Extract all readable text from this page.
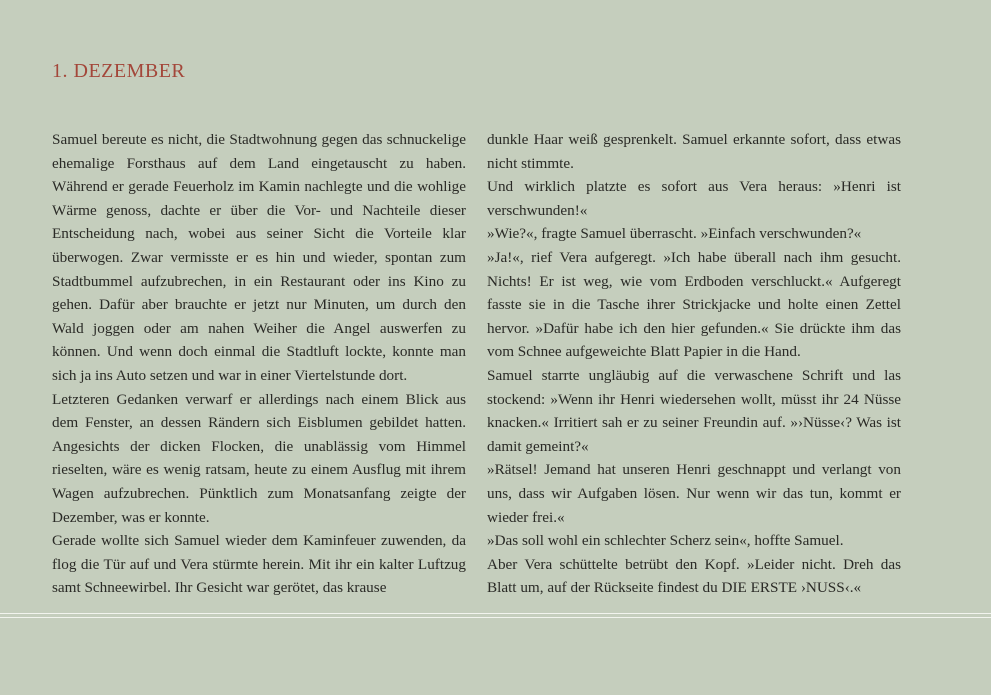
1. DEZEMBER

Samuel bereute es nicht, die Stadtwohnung gegen das schnuckelige ehemalige Forsthaus auf dem Land eingetauscht zu haben. Während er gerade Feuerholz im Kamin nachlegte und die wohlige Wärme genoss, dachte er über die Vor- und Nachteile dieser Entscheidung nach, wobei aus seiner Sicht die Vorteile klar überwogen. Zwar vermisste er es hin und wieder, spontan zum Stadtbummel aufzubrechen, in ein Restaurant oder ins Kino zu gehen. Dafür aber brauchte er jetzt nur Minuten, um durch den Wald joggen oder am nahen Weiher die Angel auswerfen zu können. Und wenn doch einmal die Stadtluft lockte, konnte man sich ja ins Auto setzen und war in einer Viertelstunde dort.

Letzteren Gedanken verwarf er allerdings nach einem Blick aus dem Fenster, an dessen Rändern sich Eisblumen gebildet hatten. Angesichts der dicken Flocken, die unablässig vom Himmel rieselten, wäre es wenig ratsam, heute zu einem Ausflug mit ihrem Wagen aufzubrechen. Pünktlich zum Monatsanfang zeigte der Dezember, was er konnte.

Gerade wollte sich Samuel wieder dem Kaminfeuer zuwenden, da flog die Tür auf und Vera stürmte herein. Mit ihr ein kalter Luftzug samt Schneewirbel. Ihr Gesicht war gerötet, das krause

dunkle Haar weiß gesprenkelt. Samuel erkannte sofort, dass etwas nicht stimmte.

Und wirklich platzte es sofort aus Vera heraus: »Henri ist verschwunden!«

»Wie?«, fragte Samuel überrascht. »Einfach verschwunden?«

»Ja!«, rief Vera aufgeregt. »Ich habe überall nach ihm gesucht. Nichts! Er ist weg, wie vom Erdboden verschluckt.« Aufgeregt fasste sie in die Tasche ihrer Strickjacke und holte einen Zettel hervor. »Dafür habe ich den hier gefunden.« Sie drückte ihm das vom Schnee aufgeweichte Blatt Papier in die Hand.

Samuel starrte ungläubig auf die verwaschene Schrift und las stockend: »Wenn ihr Henri wiedersehen wollt, müsst ihr 24 Nüsse knacken.« Irritiert sah er zu seiner Freundin auf. »›Nüsse‹? Was ist damit gemeint?«

»Rätsel! Jemand hat unseren Henri geschnappt und verlangt von uns, dass wir Aufgaben lösen. Nur wenn wir das tun, kommt er wieder frei.«

»Das soll wohl ein schlechter Scherz sein«, hoffte Samuel.

Aber Vera schüttelte betrübt den Kopf. »Leider nicht. Dreh das Blatt um, auf der Rückseite findest du DIE ERSTE ›NUSS‹.«
